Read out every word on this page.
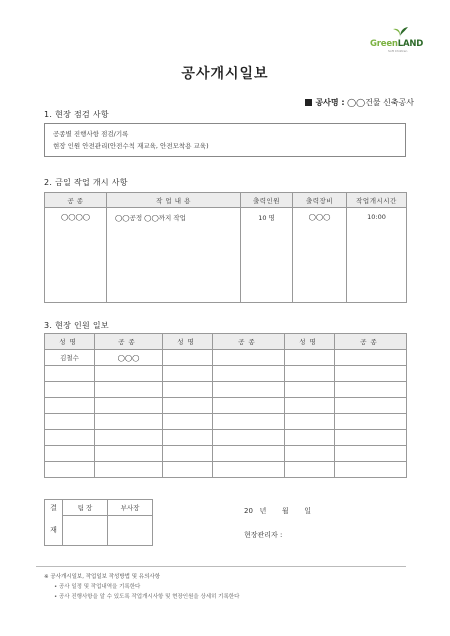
GreenLAND
Soft Children
공사개시일보
공사명 : ◯◯건물 신축공사
1. 현장 점검 사항
공종별 진행사항 점검/기록
현장 인원 안전관리(안전수칙 재교육, 안전모착용 교육)
2. 금일 작업 개시 사항
공 종	작 업 내 용	출력인원	출력장비	작업개시시간
◯◯◯◯	◯◯공정 ◯◯까지 작업	10 명	◯◯◯	10:00
3. 현장 인원 일보
성명	공종	성명	공종	성명	공종
김철수	◯◯◯				

결	팀 장	부사장
재		
20   년       월       일
현장관리자 :
※ 공사개시일보, 작업일보 작성방법 및 유의사항
• 공사 일정 및 작업내역을 기록한다
• 공사 진행사항을 알 수 있도록 작업개시사항 및 현장인원을 상세히 기록한다
